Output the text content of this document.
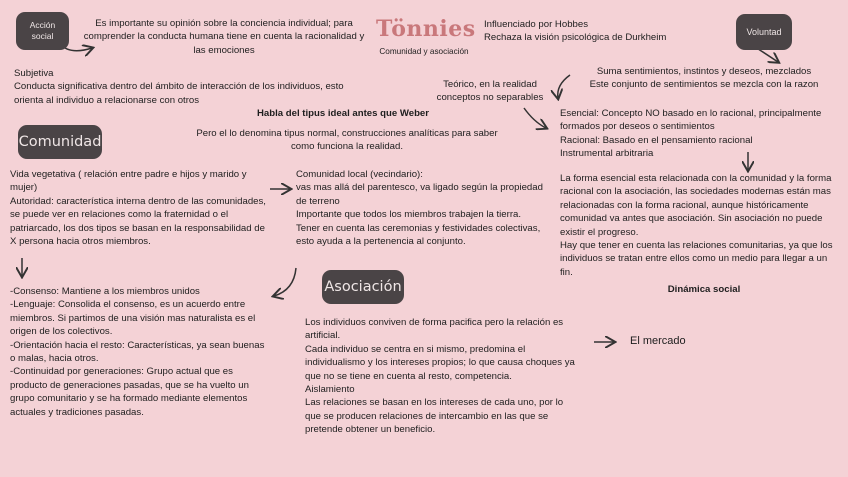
Tönnies
Comunidad y asociación

Influenciado por Hobbes

Rechaza la visión psicológica de Durkheim

Acción
social
Es importante su opinión sobre la conciencia individual; para comprender la conducta humana tiene en cuenta la racionalidad y las emociones

Subjetiva

Conducta significativa dentro del ámbito de interacción de los individuos, esto orienta al individuo a relacionarse con otros

Voluntad

Suma sentimientos, instintos y deseos, mezclados

Este conjunto de sentimientos se mezcla con la razon

Teórico, en la realidad conceptos no separables

Esencial: Concepto NO basado en lo racional, principalmente formados por deseos o sentimientos

Racional: Basado en el pensamiento racional

Instrumental arbitraria

La forma esencial esta relacionada con la comunidad y la forma racional con la asociación, las sociedades modernas están mas relacionadas con la forma racional, aunque históricamente comunidad va antes que asociación. Sin asociación no puede existir el progreso.

Hay que tener en cuenta las relaciones comunitarias, ya que los individuos se tratan entre ellos como un medio para llegar a un fin.

Dinámica social
Habla del tipus ideal antes que Weber
Pero el lo denomina tipus normal, construcciones analíticas para saber como funciona la realidad.
Comunidad

Vida vegetativa ( relación entre padre e hijos y marido y mujer)

Autoridad: característica interna dentro de las comunidades, se puede ver en relaciones como la fraternidad o el patriarcado, los dos tipos se basan en la responsabilidad de X persona hacia otros miembros.

Comunidad local (vecindario):

vas mas allá del parentesco, va ligado según la propiedad de terreno

Importante que todos los miembros trabajen la tierra.

Tener en cuenta las ceremonias y festividades colectivas, esto ayuda a la pertenencia al conjunto.

-Consenso: Mantiene a los miembros unidos

-Lenguaje: Consolida el consenso, es un acuerdo entre miembros. Si partimos de una visión mas naturalista es el origen de los colectivos.

-Orientación hacia el resto: Características, ya sean buenas o malas, hacia otros.

-Continuidad por generaciones: Grupo actual que es producto de generaciones pasadas, que se ha vuelto un grupo comunitario y se ha formado mediante elementos actuales y tradiciones pasadas.

Asociación

Los individuos conviven de forma pacifica pero la relación es artificial.

Cada individuo se centra en si mismo, predomina el individualismo y los intereses propios; lo que causa choques ya que no se tiene en cuenta al resto, competencia.

Aislamiento

Las relaciones se basan en los intereses de cada uno, por lo que se producen relaciones de intercambio en las que se pretende obtener un beneficio.

El mercado
